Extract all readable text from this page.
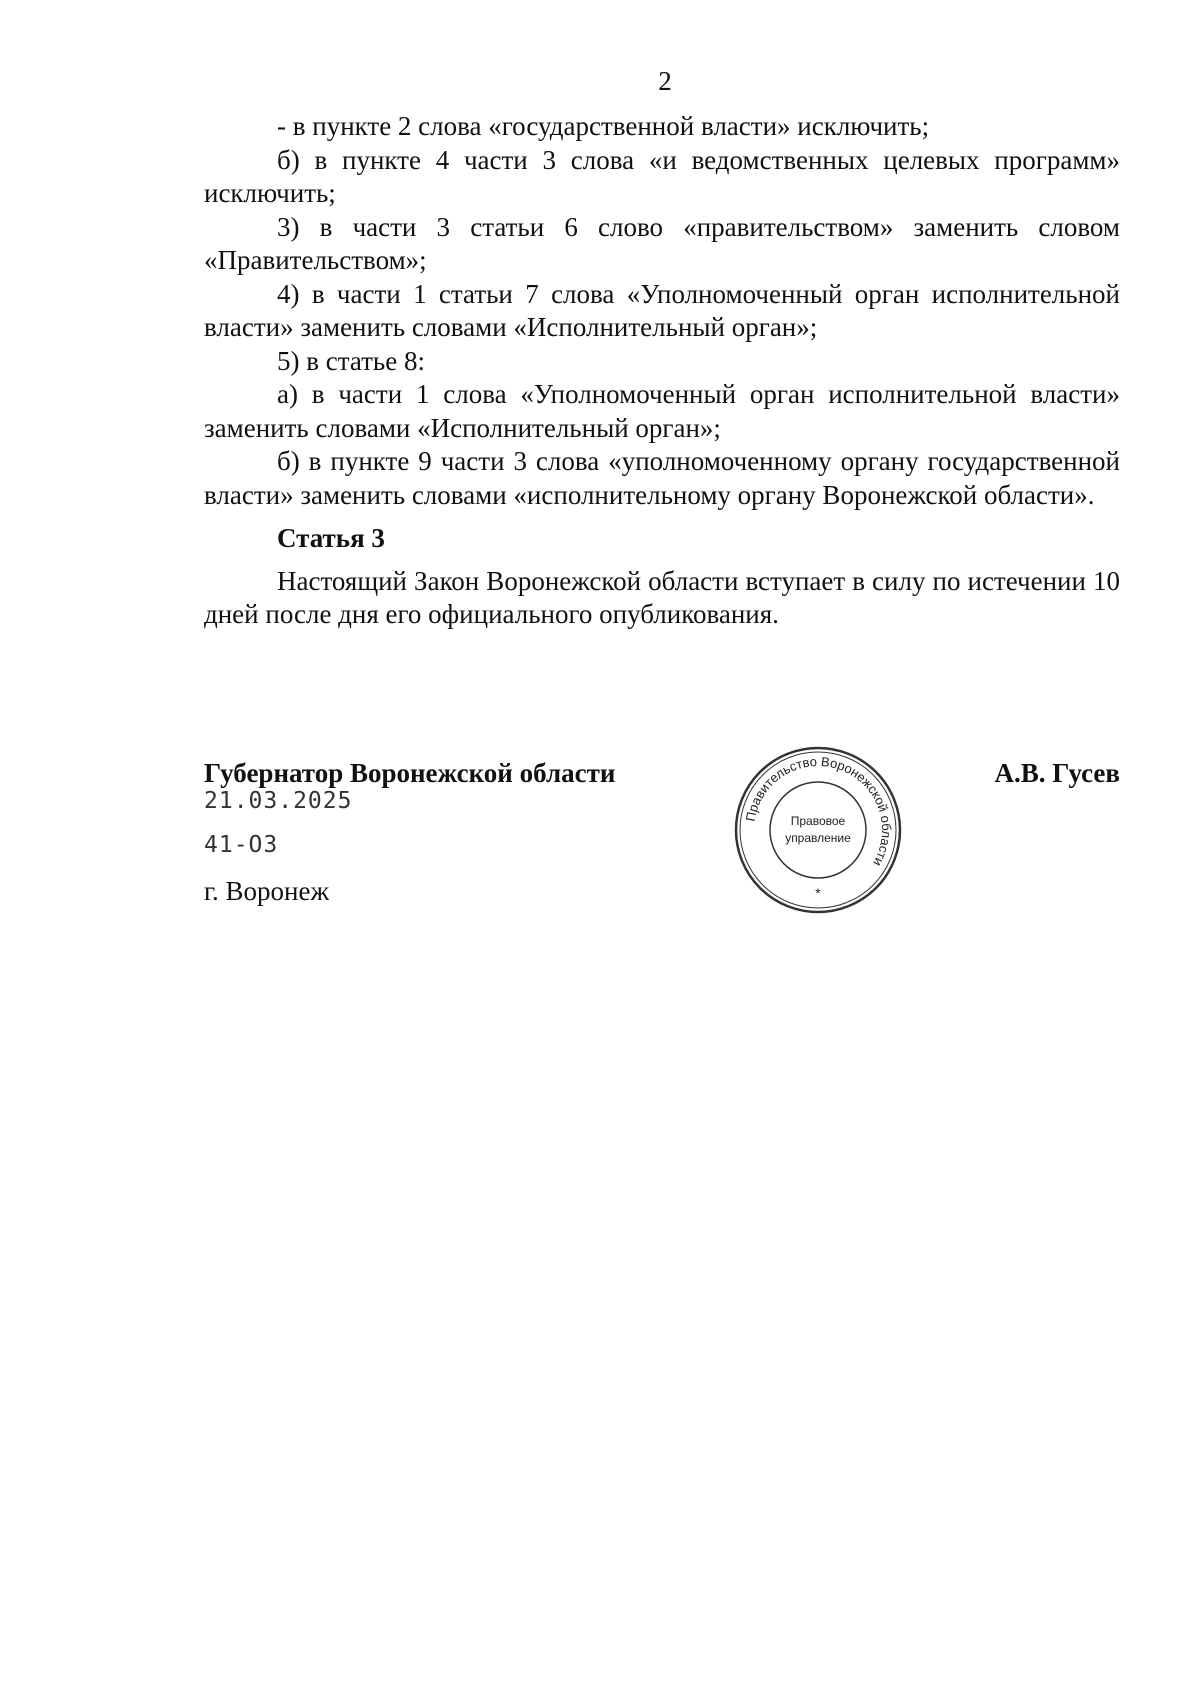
2

- в пункте 2 слова «государственной власти» исключить;

б) в пункте 4 части 3 слова «и ведомственных целевых программ» исключить;

3) в части 3 статьи 6 слово «правительством» заменить словом «Правительством»;

4) в части 1 статьи 7 слова «Уполномоченный орган исполнительной власти» заменить словами «Исполнительный орган»;

5) в статье 8:

а) в части 1 слова «Уполномоченный орган исполнительной власти» заменить словами «Исполнительный орган»;

б) в пункте 9 части 3 слова «уполномоченному органу государственной власти» заменить словами «исполнительному органу Воронежской области».

Статья 3

Настоящий Закон Воронежской области вступает в силу по истечении 10 дней после дня его официального опубликования.

Губернатор Воронежской области	А.В. Гусев
21.03.2025
41-ОЗ
г. Воронеж
Правительство Воронежской области
Правовое
управление
*
